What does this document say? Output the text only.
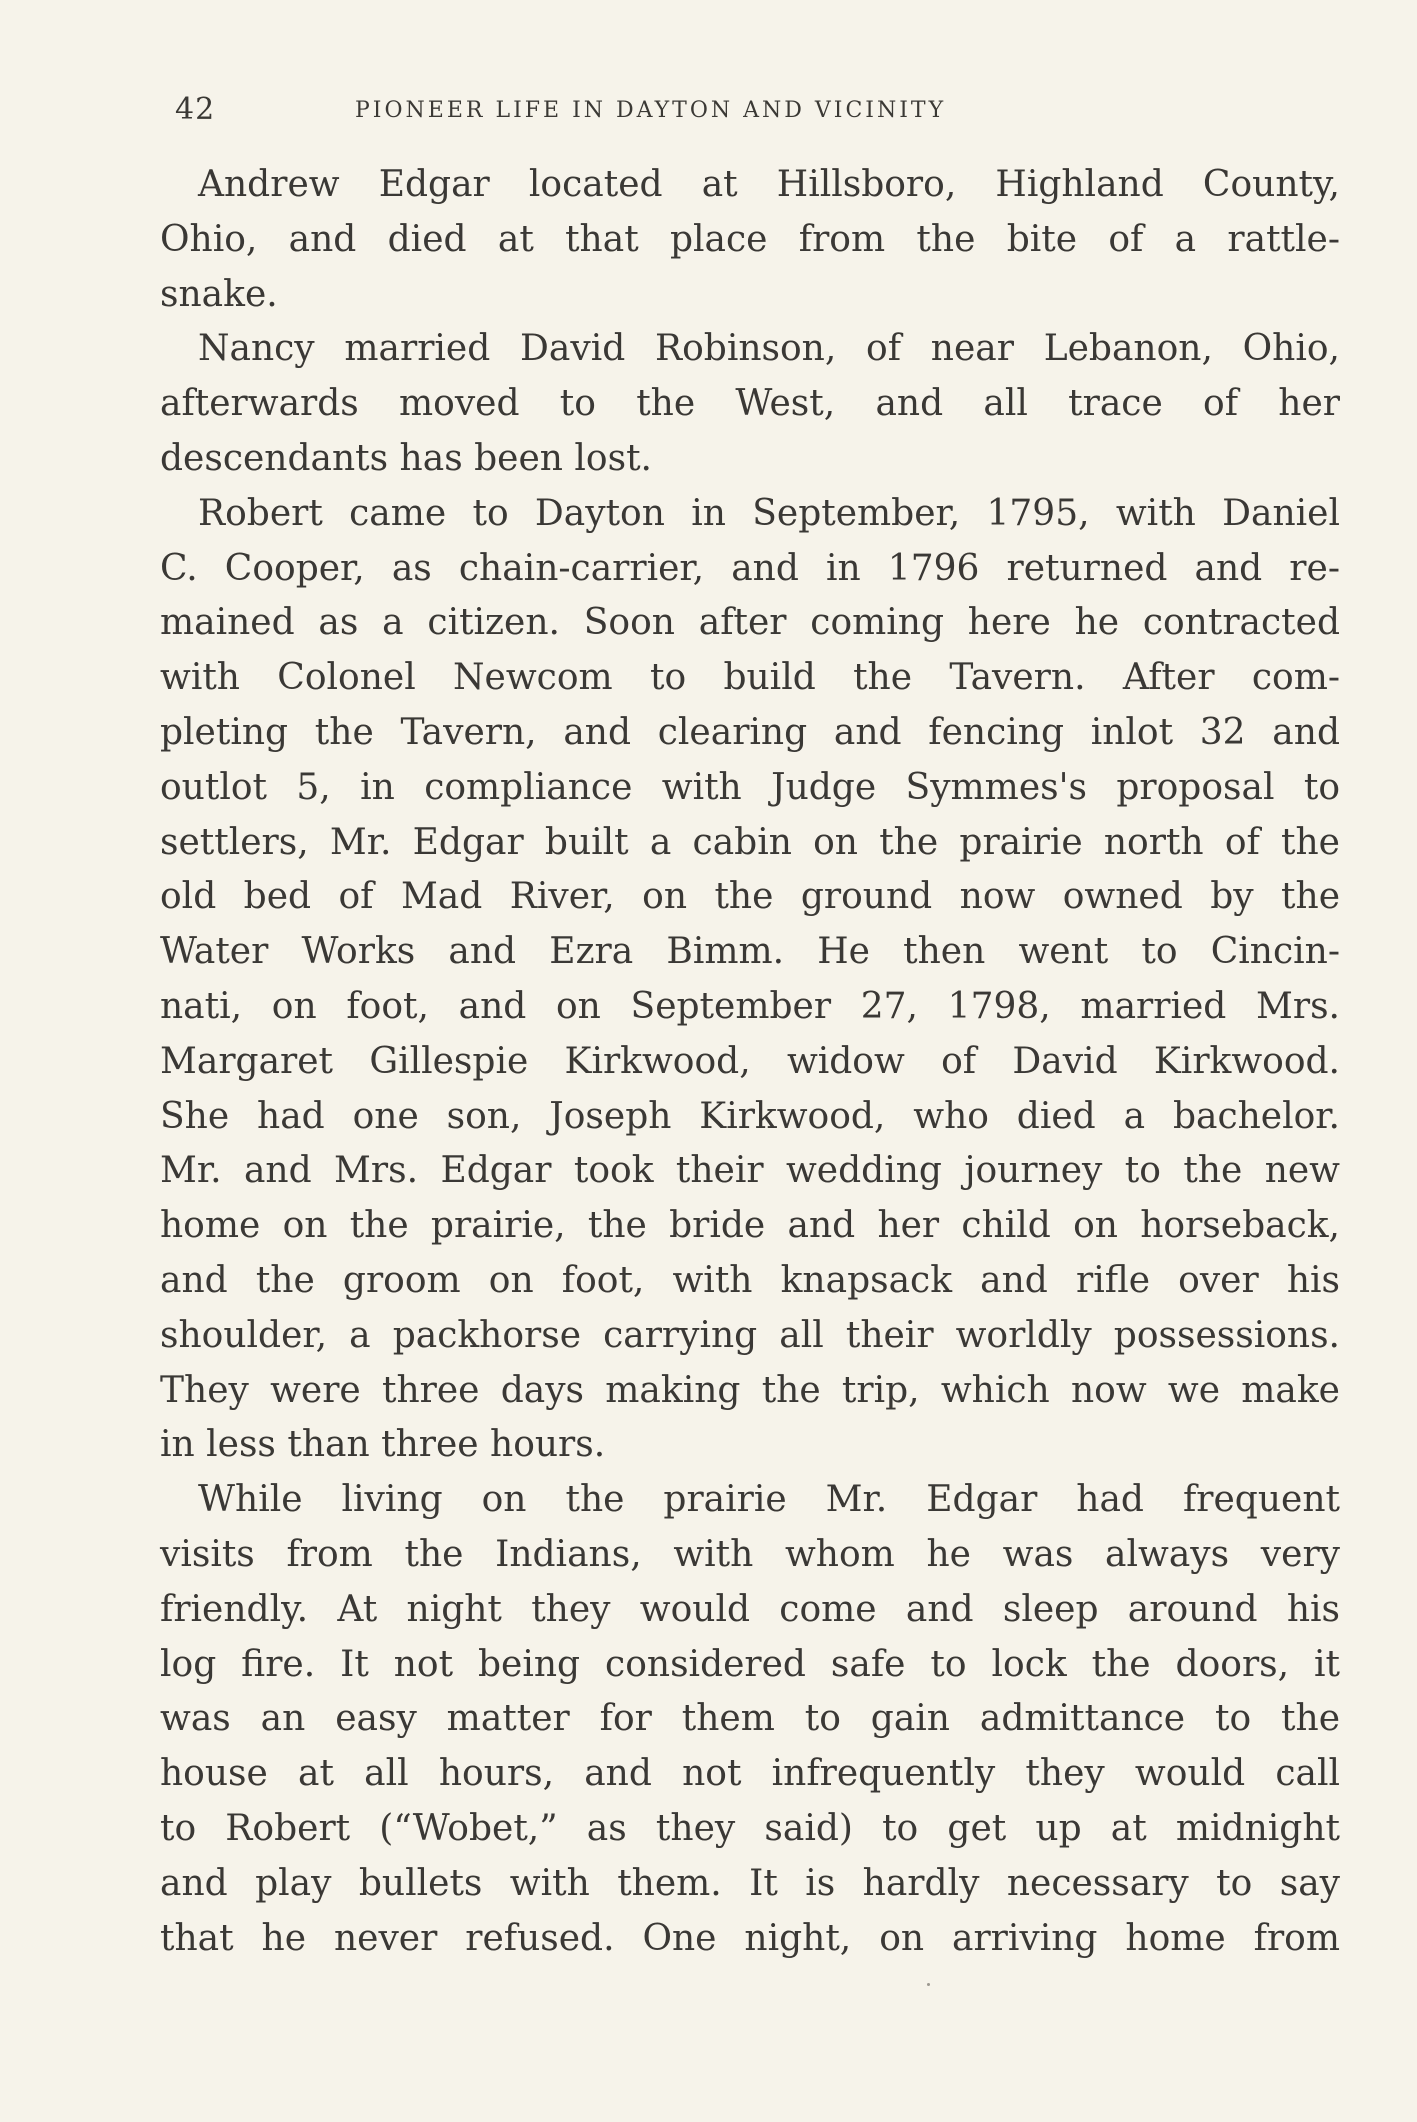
42	PIONEER LIFE IN DAYTON AND VICINITY
Andrew Edgar located at Hillsboro, Highland County,
Ohio, and died at that place from the bite of a rattle-
snake.
Nancy married David Robinson, of near Lebanon, Ohio,
afterwards moved to the West, and all trace of her
descendants has been lost.
Robert came to Dayton in September, 1795, with Daniel
C. Cooper, as chain-carrier, and in 1796 returned and re-
mained as a citizen. Soon after coming here he contracted
with Colonel Newcom to build the Tavern. After com-
pleting the Tavern, and clearing and fencing inlot 32 and
outlot 5, in compliance with Judge Symmes's proposal to
settlers, Mr. Edgar built a cabin on the prairie north of the
old bed of Mad River, on the ground now owned by the
Water Works and Ezra Bimm. He then went to Cincin-
nati, on foot, and on September 27, 1798, married Mrs.
Margaret Gillespie Kirkwood, widow of David Kirkwood.
She had one son, Joseph Kirkwood, who died a bachelor.
Mr. and Mrs. Edgar took their wedding journey to the new
home on the prairie, the bride and her child on horseback,
and the groom on foot, with knapsack and rifle over his
shoulder, a packhorse carrying all their worldly possessions.
They were three days making the trip, which now we make
in less than three hours.
While living on the prairie Mr. Edgar had frequent
visits from the Indians, with whom he was always very
friendly. At night they would come and sleep around his
log fire. It not being considered safe to lock the doors, it
was an easy matter for them to gain admittance to the
house at all hours, and not infrequently they would call
to Robert (“Wobet,” as they said) to get up at midnight
and play bullets with them. It is hardly necessary to say
that he never refused. One night, on arriving home from
